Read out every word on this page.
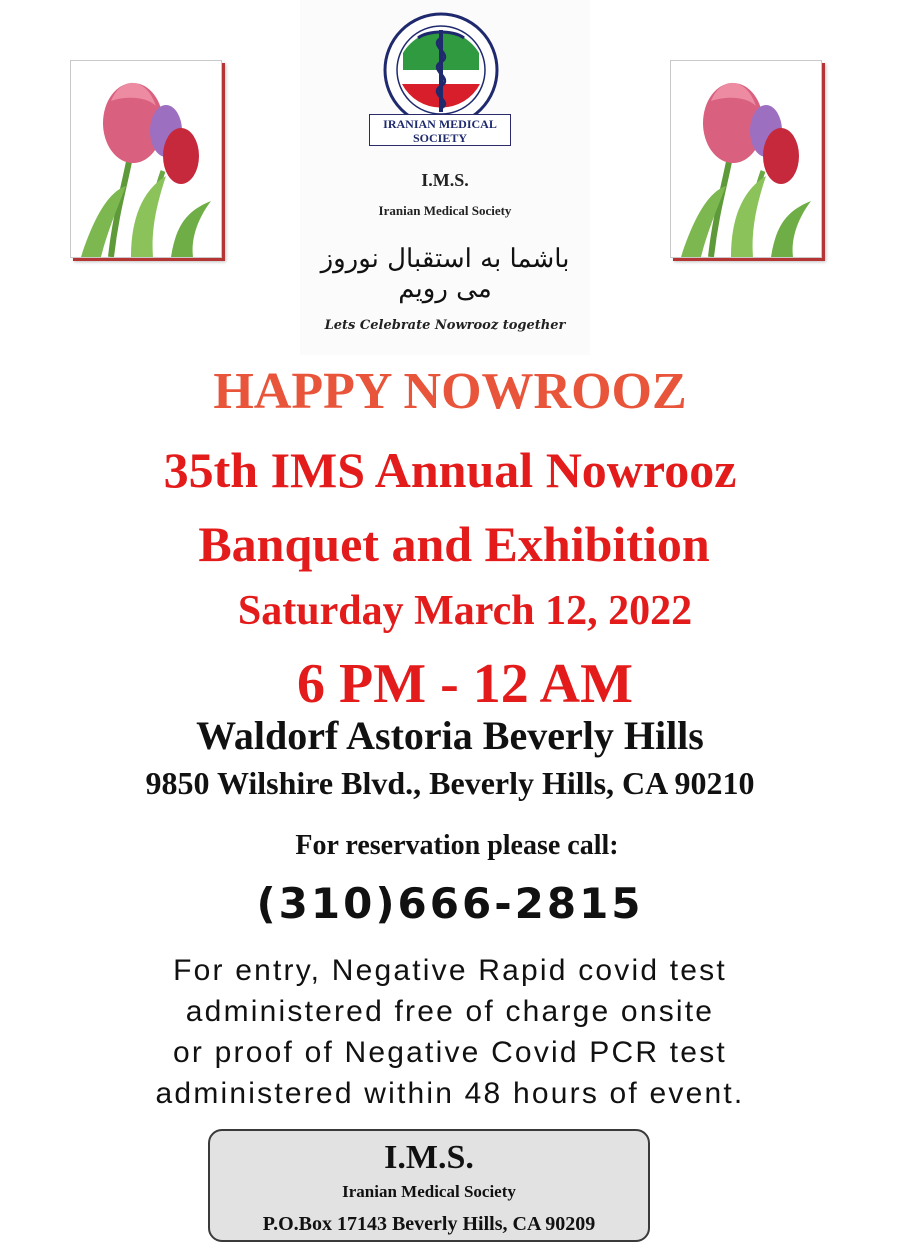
IRANIAN MEDICAL
SOCIETY
I.M.S.
Iranian Medical Society
باشما به استقبال نوروز می رویم
Lets Celebrate Nowrooz together
HAPPY NOWROOZ
35th IMS Annual Nowrooz
Banquet and Exhibition
Saturday March 12, 2022
6 PM - 12 AM
Waldorf Astoria Beverly Hills
9850 Wilshire Blvd., Beverly Hills, CA 90210
For reservation please call:
(310)666-2815
For entry, Negative Rapid covid test
administered free of charge onsite
or proof of Negative Covid PCR test
administered within 48 hours of event.
I.M.S.
Iranian Medical Society
P.O.Box 17143 Beverly Hills, CA 90209
